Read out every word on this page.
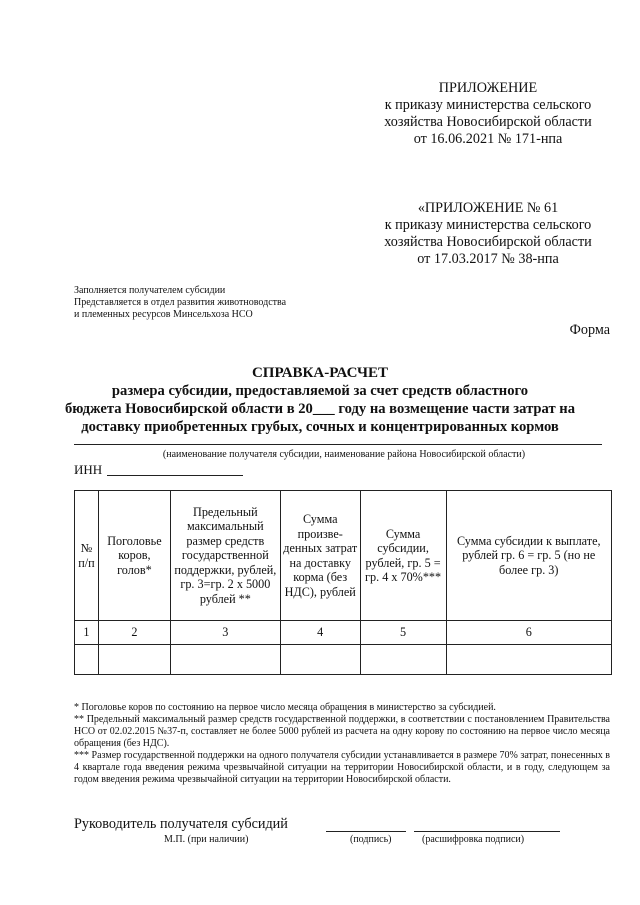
ПРИЛОЖЕНИЕ
к приказу министерства сельского
хозяйства Новосибирской области
от 16.06.2021 № 171-нпа
«ПРИЛОЖЕНИЕ № 61
к приказу министерства сельского
хозяйства Новосибирской области
от 17.03.2017 № 38-нпа
Заполняется получателем субсидии
Представляется в отдел развития животноводства
и племенных ресурсов Минсельхоза НСО
Форма
СПРАВКА-РАСЧЕТ
размера субсидии, предоставляемой за счет средств областного
бюджета Новосибирской области в 20___ году на возмещение части затрат на
доставку приобретенных грубых, сочных и концентрированных кормов
(наименование получателя субсидии, наименование района Новосибирской области)
ИНН
№ п/п	Поголовье коров, голов*	Предельный максимальный размер средств государственной поддержки, рублей, гр. 3=гр. 2 х 5000 рублей **	Сумма произве-денных затрат на доставку корма (без НДС), рублей	Сумма субсидии, рублей, гр. 5 = гр. 4 х 70%***	Сумма субсидии к выплате, рублей гр. 6 = гр. 5 (но не более гр. 3)
1	2	3	4	5	6

* Поголовье коров по состоянию на первое число месяца обращения в министерство за субсидией.

** Предельный максимальный размер средств государственной поддержки, в соответствии с постановлением Правительства НСО от 02.02.2015 №37-п, составляет не более 5000 рублей из расчета на одну корову по состоянию на первое число месяца обращения (без НДС).

*** Размер государственной поддержки на одного получателя субсидии устанавливается в размере 70% затрат, понесенных в 4 квартале года введения режима чрезвычайной ситуации на территории Новосибирской области, и в году, следующем за годом введения режима чрезвычайной ситуации на территории Новосибирской области.

Руководитель получателя субсидий
М.П. (при наличии)	(подпись)	(расшифровка подписи)
